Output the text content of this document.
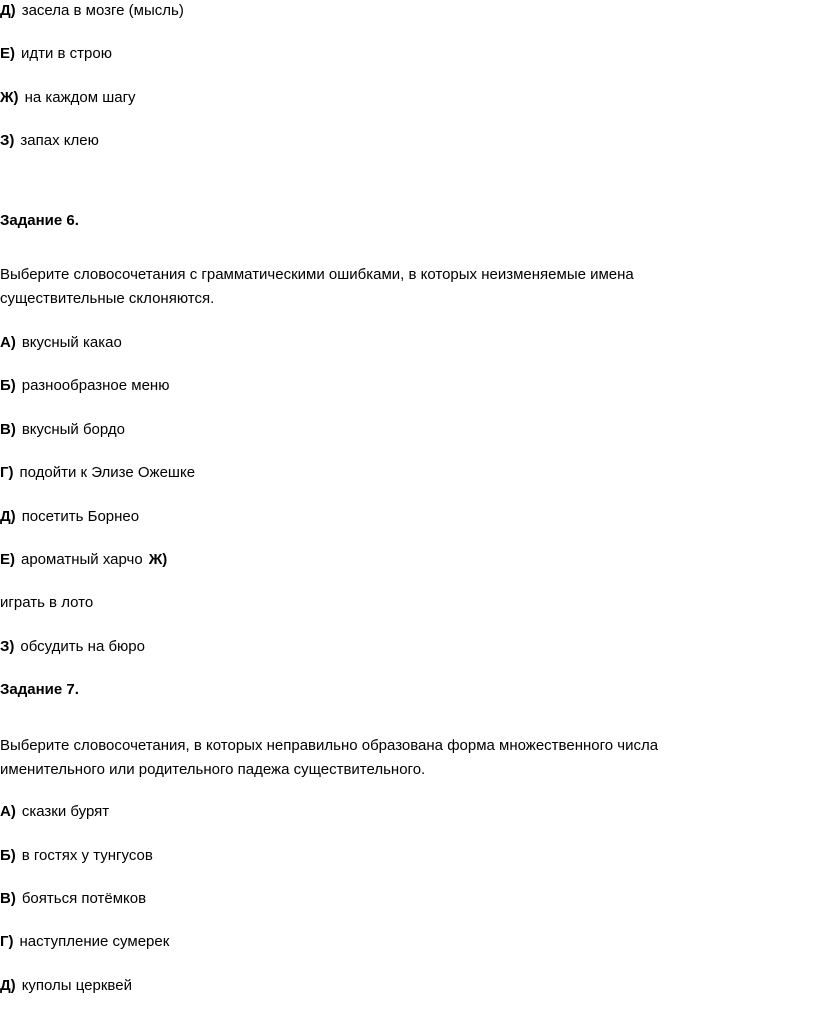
Д) засела в мозге (мысль)
Е) идти в строю
Ж) на каждом шагу
З) запах клею
Задание 6.
Выберите словосочетания с грамматическими ошибками, в которых неизменяемые имена
существительные склоняются.
А) вкусный какао
Б) разнообразное меню
В) вкусный бордо
Г) подойти к Элизе Ожешке
Д) посетить Борнео
Е) ароматный харчо Ж)
играть в лото
З) обсудить на бюро
Задание 7.
Выберите словосочетания, в которых неправильно образована форма множественного числа
именительного или родительного падежа существительного.
А) сказки бурят
Б) в гостях у тунгусов
В) бояться потёмков
Г) наступление сумерек
Д) куполы церквей
